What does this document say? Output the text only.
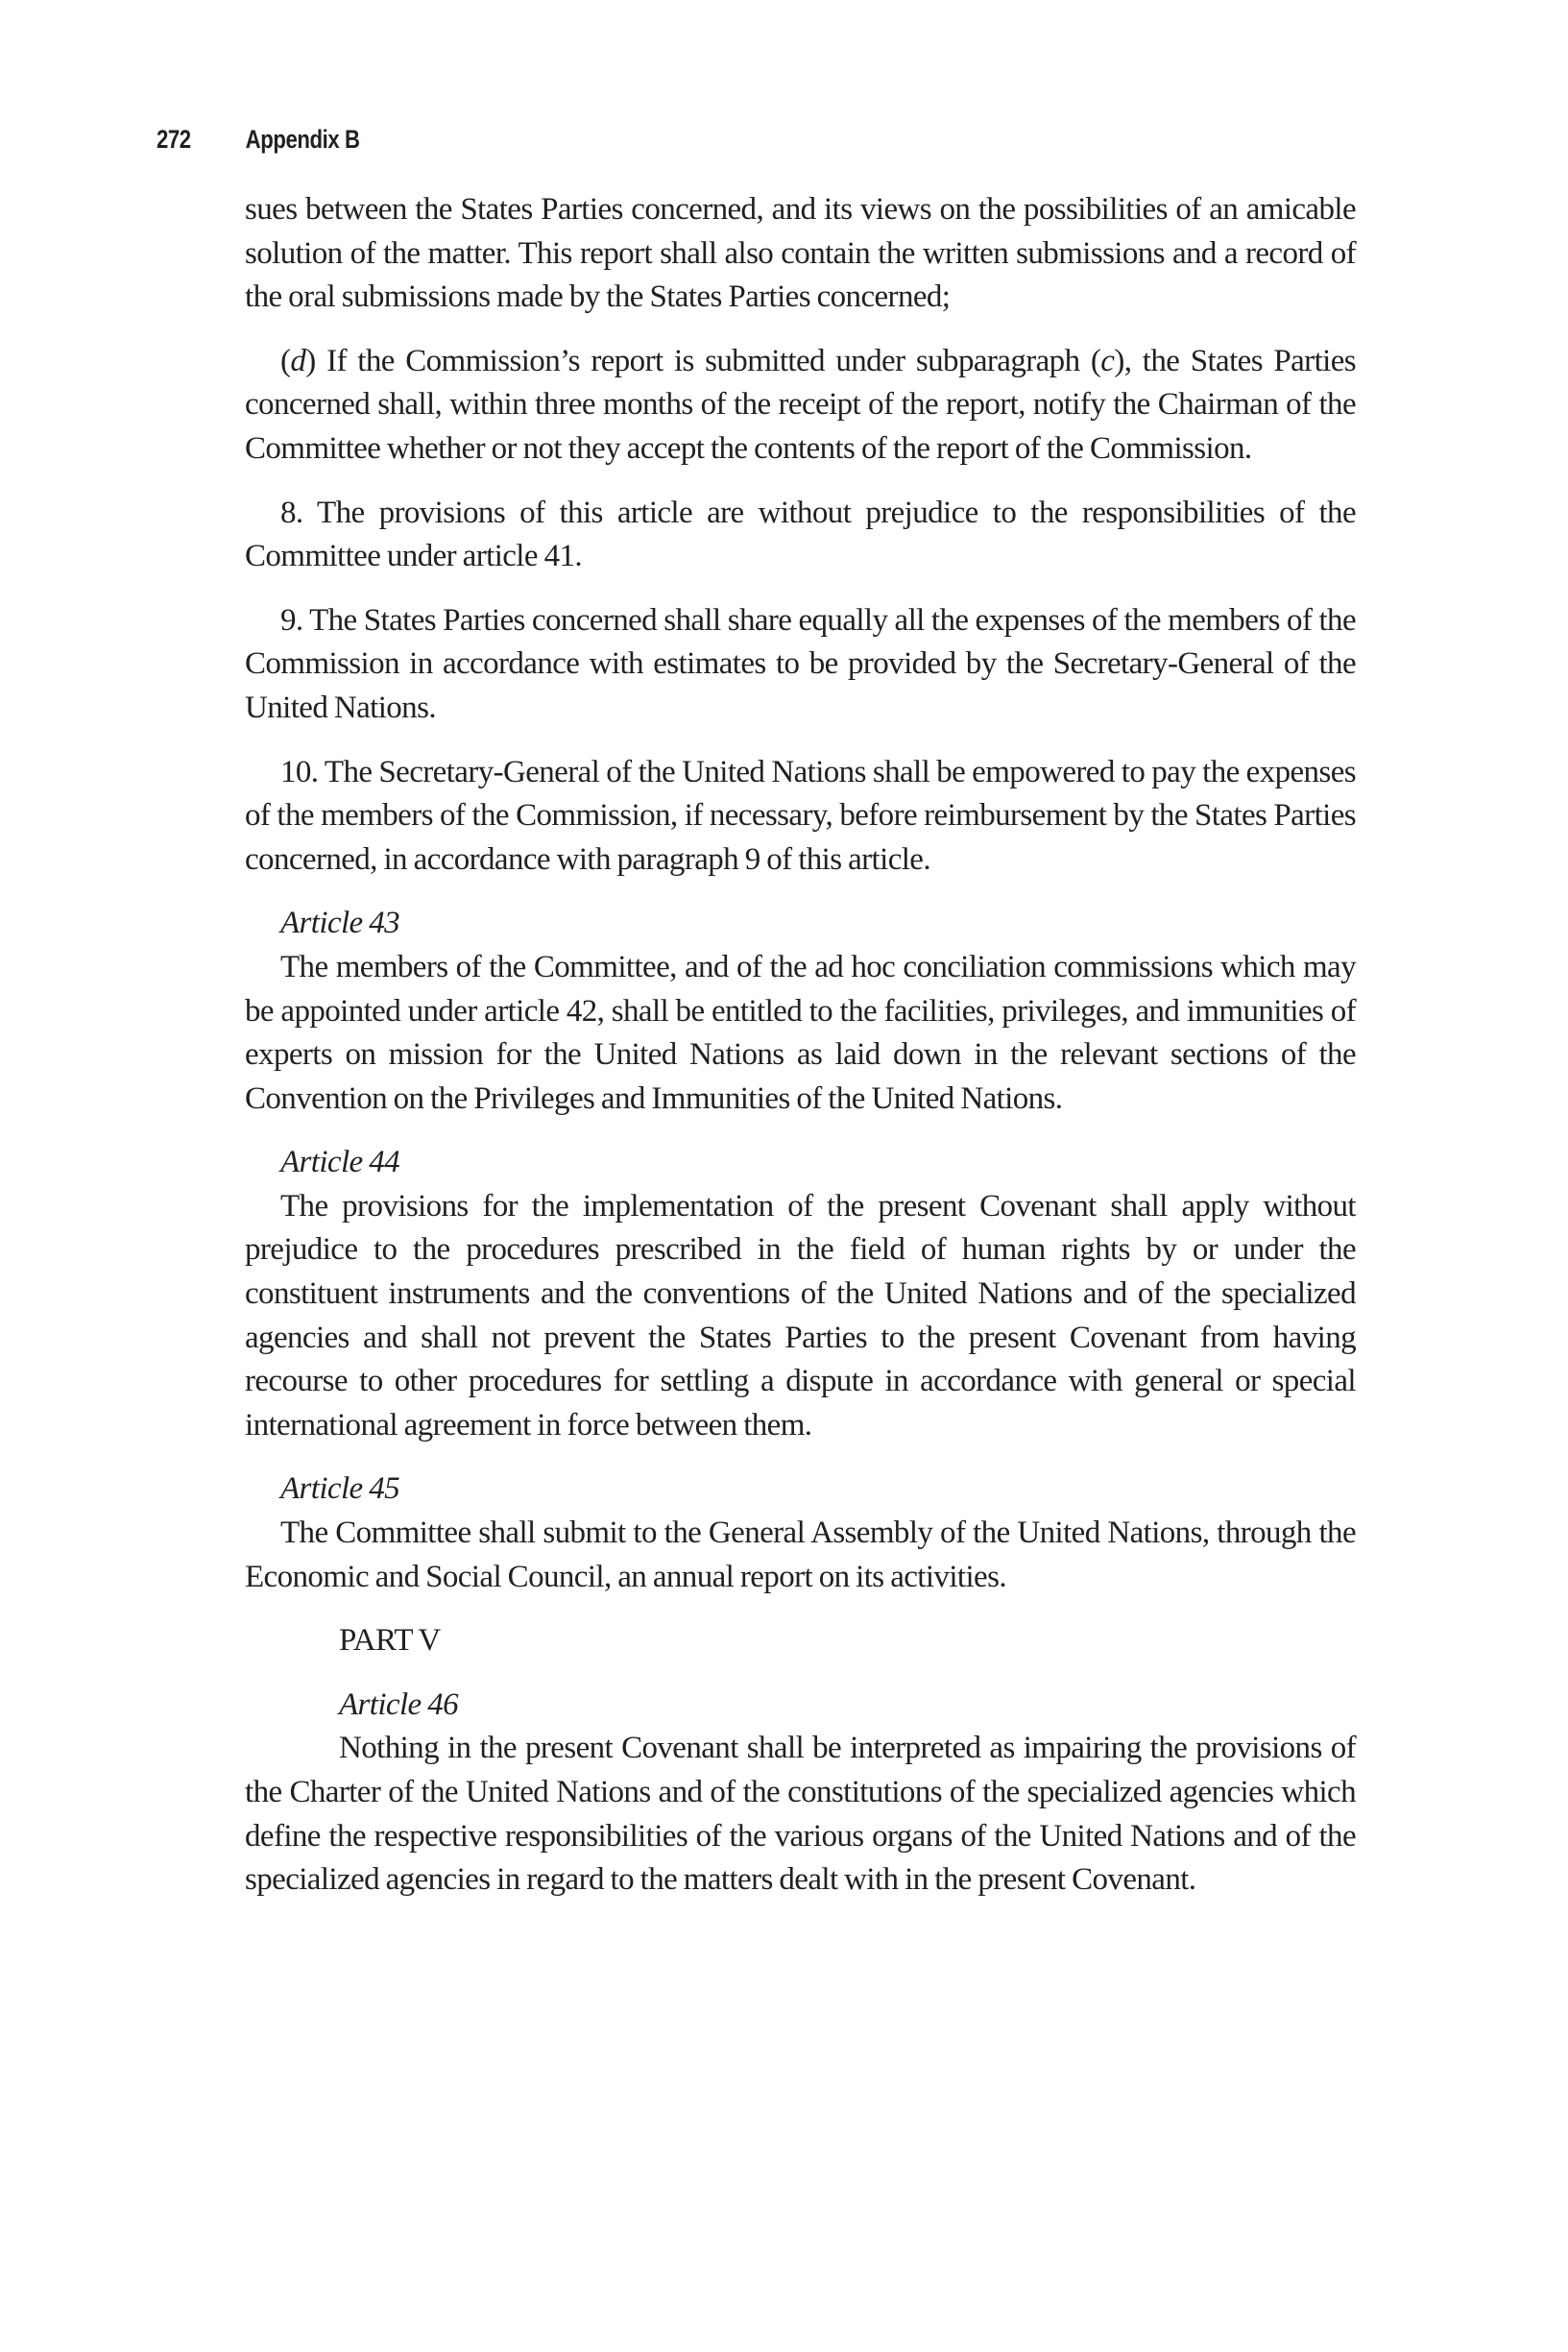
272 Appendix B

sues between the States Parties concerned, and its views on the possibilities of an amicable solution of the matter. This report shall also contain the written submissions and a record of the oral submissions made by the States Parties concerned;

(d) If the Commission’s report is submitted under subparagraph (c), the States Parties concerned shall, within three months of the receipt of the report, notify the Chairman of the Committee whether or not they accept the contents of the report of the Commission.

8. The provisions of this article are without prejudice to the responsibilities of the Committee under article 41.

9. The States Parties concerned shall share equally all the expenses of the members of the Commission in accordance with estimates to be provided by the Secretary-General of the United Nations.

10. The Secretary-General of the United Nations shall be empowered to pay the expenses of the members of the Commission, if necessary, before reimbursement by the States Parties concerned, in accordance with paragraph 9 of this article.

Article 43

The members of the Committee, and of the ad hoc conciliation commissions which may be appointed under article 42, shall be entitled to the facilities, privileges, and immunities of experts on mission for the United Nations as laid down in the relevant sections of the Convention on the Privileges and Immunities of the United Nations.

Article 44

The provisions for the implementation of the present Covenant shall apply without prejudice to the procedures prescribed in the field of human rights by or under the constituent instruments and the conventions of the United Nations and of the specialized agencies and shall not prevent the States Parties to the present Covenant from having recourse to other procedures for settling a dispute in accordance with general or special international agreement in force between them.

Article 45

The Committee shall submit to the General Assembly of the United Nations, through the Economic and Social Council, an annual report on its activities.

PART V

Article 46

Nothing in the present Covenant shall be interpreted as impairing the provisions of the Charter of the United Nations and of the constitutions of the specialized agencies which define the respective responsibilities of the various organs of the United Nations and of the specialized agencies in regard to the matters dealt with in the present Covenant.
